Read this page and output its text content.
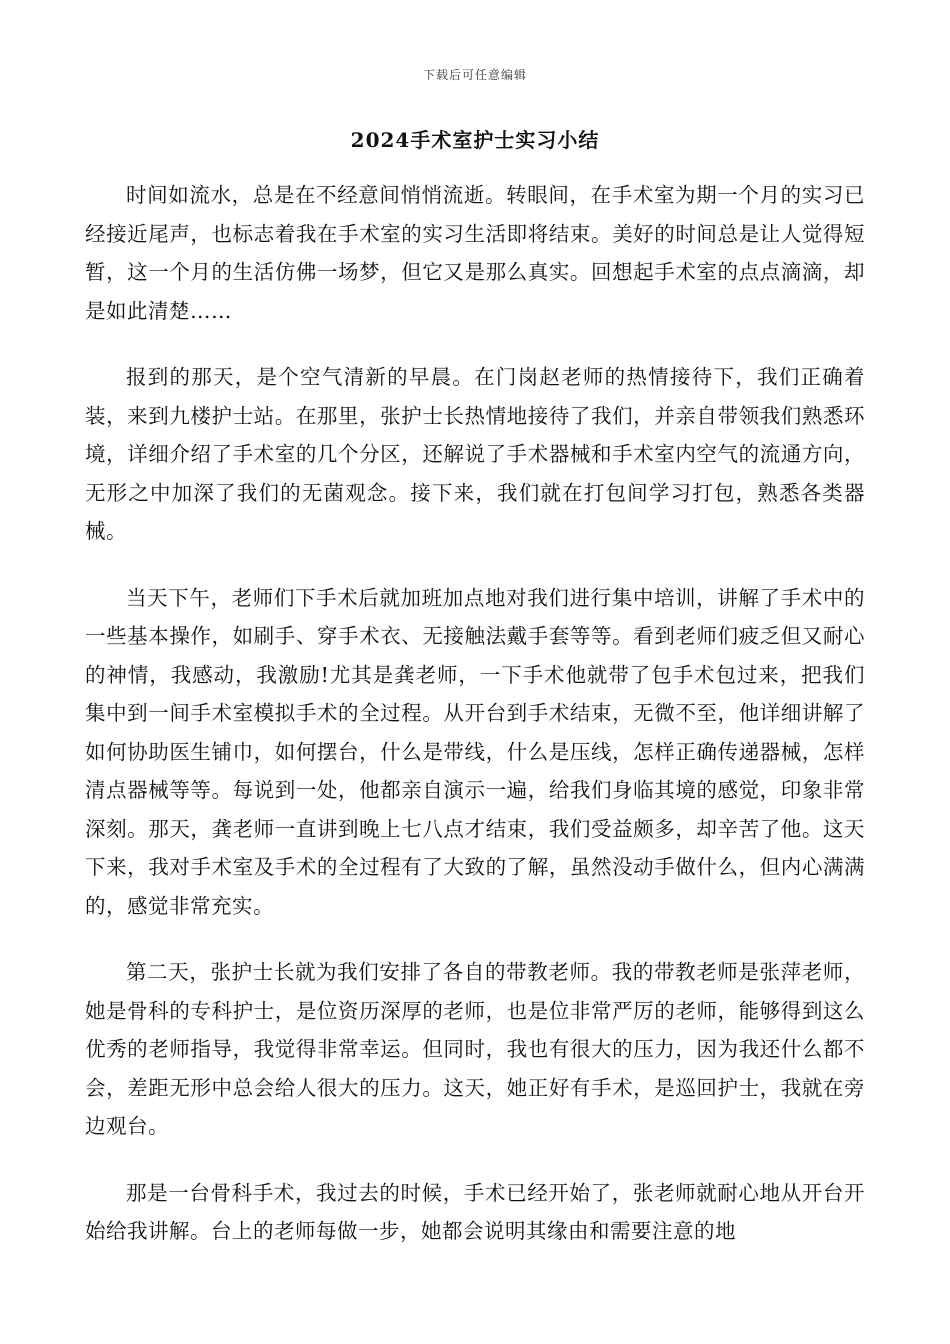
下载后可任意编辑
2024手术室护士实习小结

时间如流水，总是在不经意间悄悄流逝。转眼间，在手术室为期一个月的实习已经接近尾声，也标志着我在手术室的实习生活即将结束。美好的时间总是让人觉得短暂，这一个月的生活仿佛一场梦，但它又是那么真实。回想起手术室的点点滴滴，却是如此清楚……

报到的那天，是个空气清新的早晨。在门岗赵老师的热情接待下，我们正确着装，来到九楼护士站。在那里，张护士长热情地接待了我们，并亲自带领我们熟悉环境，详细介绍了手术室的几个分区，还解说了手术器械和手术室内空气的流通方向，无形之中加深了我们的无菌观念。接下来，我们就在打包间学习打包，熟悉各类器械。

当天下午，老师们下手术后就加班加点地对我们进行集中培训，讲解了手术中的一些基本操作，如刷手、穿手术衣、无接触法戴手套等等。看到老师们疲乏但又耐心的神情，我感动，我激励!尤其是龚老师，一下手术他就带了包手术包过来，把我们集中到一间手术室模拟手术的全过程。从开台到手术结束，无微不至，他详细讲解了如何协助医生铺巾，如何摆台，什么是带线，什么是压线，怎样正确传递器械，怎样清点器械等等。每说到一处，他都亲自演示一遍，给我们身临其境的感觉，印象非常深刻。那天，龚老师一直讲到晚上七八点才结束，我们受益颇多，却辛苦了他。这天下来，我对手术室及手术的全过程有了大致的了解，虽然没动手做什么，但内心满满的，感觉非常充实。

第二天，张护士长就为我们安排了各自的带教老师。我的带教老师是张萍老师，她是骨科的专科护士，是位资历深厚的老师，也是位非常严厉的老师，能够得到这么优秀的老师指导，我觉得非常幸运。但同时，我也有很大的压力，因为我还什么都不会，差距无形中总会给人很大的压力。这天，她正好有手术，是巡回护士，我就在旁边观台。

那是一台骨科手术，我过去的时候，手术已经开始了，张老师就耐心地从开台开始给我讲解。台上的老师每做一步，她都会说明其缘由和需要注意的地
